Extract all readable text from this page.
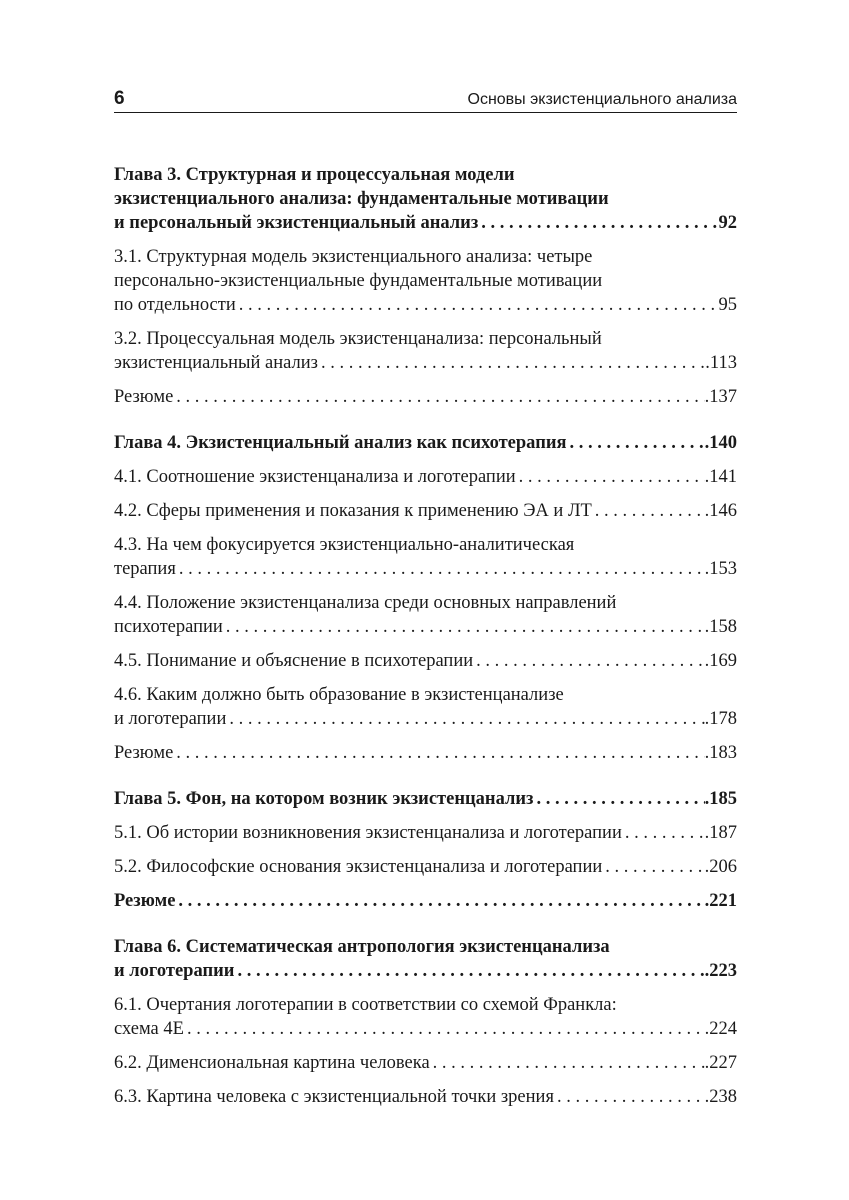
6	Основы экзистенциального анализа
Глава 3. Структурная и процессуальная модели
экзистенциального анализа: фундаментальные мотивации
и персональный экзистенциальный анализ . . .	92
3.1. Структурная модель экзистенциального анализа: четыре
персонально-экзистенциальные фундаментальные мотивации
по отдельности . . .	95
3.2. Процессуальная модель экзистенцанализа: персональный
экзистенциальный анализ . . .	.113
Резюме . . .	.137
Глава 4. Экзистенциальный анализ как психотерапия . . .	.140
4.1. Соотношение экзистенцанализа и логотерапии . . .	.141
4.2. Сферы применения и показания к применению ЭА и ЛТ . . .	.146
4.3. На чем фокусируется экзистенциально-аналитическая
терапия . . .	.153
4.4. Положение экзистенцанализа среди основных направлений
психотерапии . . .	.158
4.5. Понимание и объяснение в психотерапии . . .	.169
4.6. Каким должно быть образование в экзистенцанализе
и логотерапии . . .	.178
Резюме . . .	.183
Глава 5. Фон, на котором возник экзистенцанализ . . .	.185
5.1. Об истории возникновения экзистенцанализа и логотерапии . . .	.187
5.2. Философские основания экзистенцанализа и логотерапии . . .	.206
Резюме . . .	.221
Глава 6. Систематическая антропология экзистенцанализа
и логотерапии . . .	.223
6.1. Очертания логотерапии в соответствии со схемой Франкла:
схема 4E . . .	.224
6.2. Дименсиональная картина человека . . .	.227
6.3. Картина человека с экзистенциальной точки зрения . . .	.238
